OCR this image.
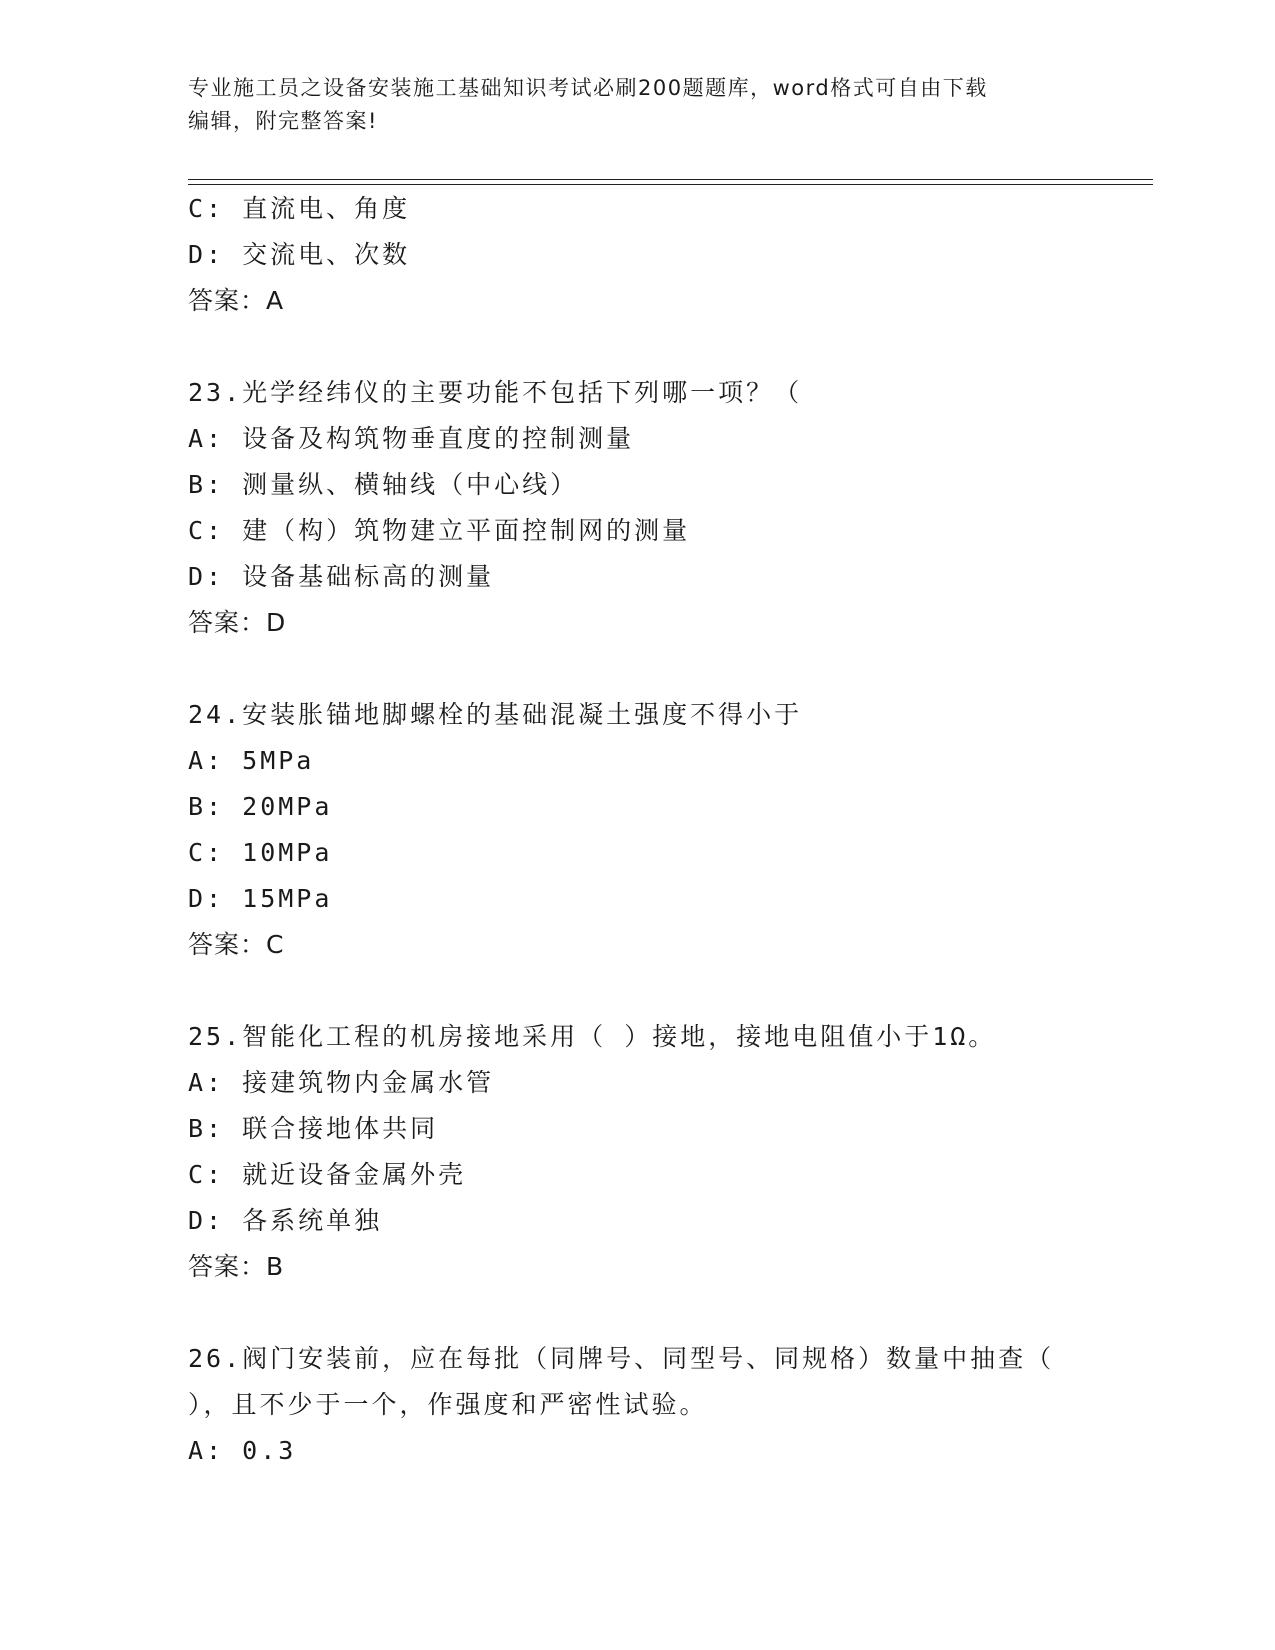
专业施工员之设备安装施工基础知识考试必刷200题题库，word格式可自由下载
编辑，附完整答案!
C: 直流电、角度
D: 交流电、次数
答案：A
23.光学经纬仪的主要功能不包括下列哪一项？（
A: 设备及构筑物垂直度的控制测量
B: 测量纵、横轴线（中心线）
C: 建（构）筑物建立平面控制网的测量
D: 设备基础标高的测量
答案：D
24.安装胀锚地脚螺栓的基础混凝土强度不得小于
A: 5MPa
B: 20MPa
C: 10MPa
D: 15MPa
答案：C
25.智能化工程的机房接地采用（ ）接地，接地电阻值小于1Ω。
A: 接建筑物内金属水管
B: 联合接地体共同
C: 就近设备金属外壳
D: 各系统单独
答案：B
26.阀门安装前，应在每批（同牌号、同型号、同规格）数量中抽查（
），且不少于一个，作强度和严密性试验。
A: 0.3
